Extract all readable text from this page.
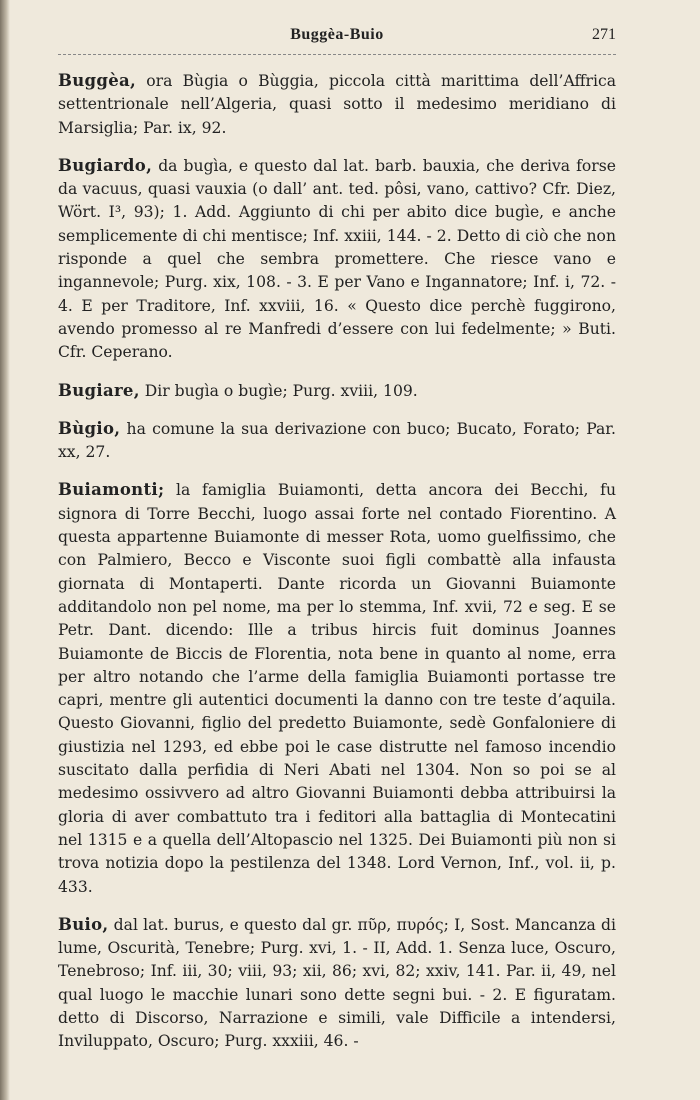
Buggèa-Buio	271

Buggèa, ora Bùgia o Bùggia, piccola città marittima dell’Affrica settentrionale nell’Algeria, quasi sotto il medesimo meridiano di Marsiglia; Par. ix, 92.

Bugiardo, da bugìa, e questo dal lat. barb. bauxia, che deriva forse da vacuus, quasi vauxia (o dall’ ant. ted. pôsi, vano, cattivo? Cfr. Diez, Wört. I³, 93); 1. Add. Aggiunto di chi per abito dice bugìe, e anche semplicemente di chi mentisce; Inf. xxiii, 144. - 2. Detto di ciò che non risponde a quel che sembra promettere. Che riesce vano e ingannevole; Purg. xix, 108. - 3. E per Vano e Ingannatore; Inf. i, 72. - 4. E per Traditore, Inf. xxviii, 16. « Questo dice perchè fuggirono, avendo promesso al re Manfredi d’essere con lui fedelmente; » Buti. Cfr. Ceperano.

Bugiare, Dir bugìa o bugìe; Purg. xviii, 109.

Bùgio, ha comune la sua derivazione con buco; Bucato, Forato; Par. xx, 27.

Buiamonti; la famiglia Buiamonti, detta ancora dei Becchi, fu signora di Torre Becchi, luogo assai forte nel contado Fiorentino. A questa appartenne Buiamonte di messer Rota, uomo guelfissimo, che con Palmiero, Becco e Visconte suoi figli combattè alla infausta giornata di Montaperti. Dante ricorda un Giovanni Buiamonte additandolo non pel nome, ma per lo stemma, Inf. xvii, 72 e seg. E se Petr. Dant. dicendo: Ille a tribus hircis fuit dominus Joannes Buiamonte de Biccis de Florentia, nota bene in quanto al nome, erra per altro notando che l’arme della famiglia Buiamonti portasse tre capri, mentre gli autentici documenti la danno con tre teste d’aquila. Questo Giovanni, figlio del predetto Buiamonte, sedè Gonfaloniere di giustizia nel 1293, ed ebbe poi le case distrutte nel famoso incendio suscitato dalla perfidia di Neri Abati nel 1304. Non so poi se al medesimo ossivvero ad altro Giovanni Buiamonti debba attribuirsi la gloria di aver combattuto tra i feditori alla battaglia di Montecatini nel 1315 e a quella dell’Altopascio nel 1325. Dei Buiamonti più non si trova notizia dopo la pestilenza del 1348. Lord Vernon, Inf., vol. ii, p. 433.

Buio, dal lat. burus, e questo dal gr. πῦρ, πυρός; I, Sost. Mancanza di lume, Oscurità, Tenebre; Purg. xvi, 1. - II, Add. 1. Senza luce, Oscuro, Tenebroso; Inf. iii, 30; viii, 93; xii, 86; xvi, 82; xxiv, 141. Par. ii, 49, nel qual luogo le macchie lunari sono dette segni bui. - 2. E figuratam. detto di Discorso, Narrazione e simili, vale Difficile a intendersi, Inviluppato, Oscuro; Purg. xxxiii, 46. -
